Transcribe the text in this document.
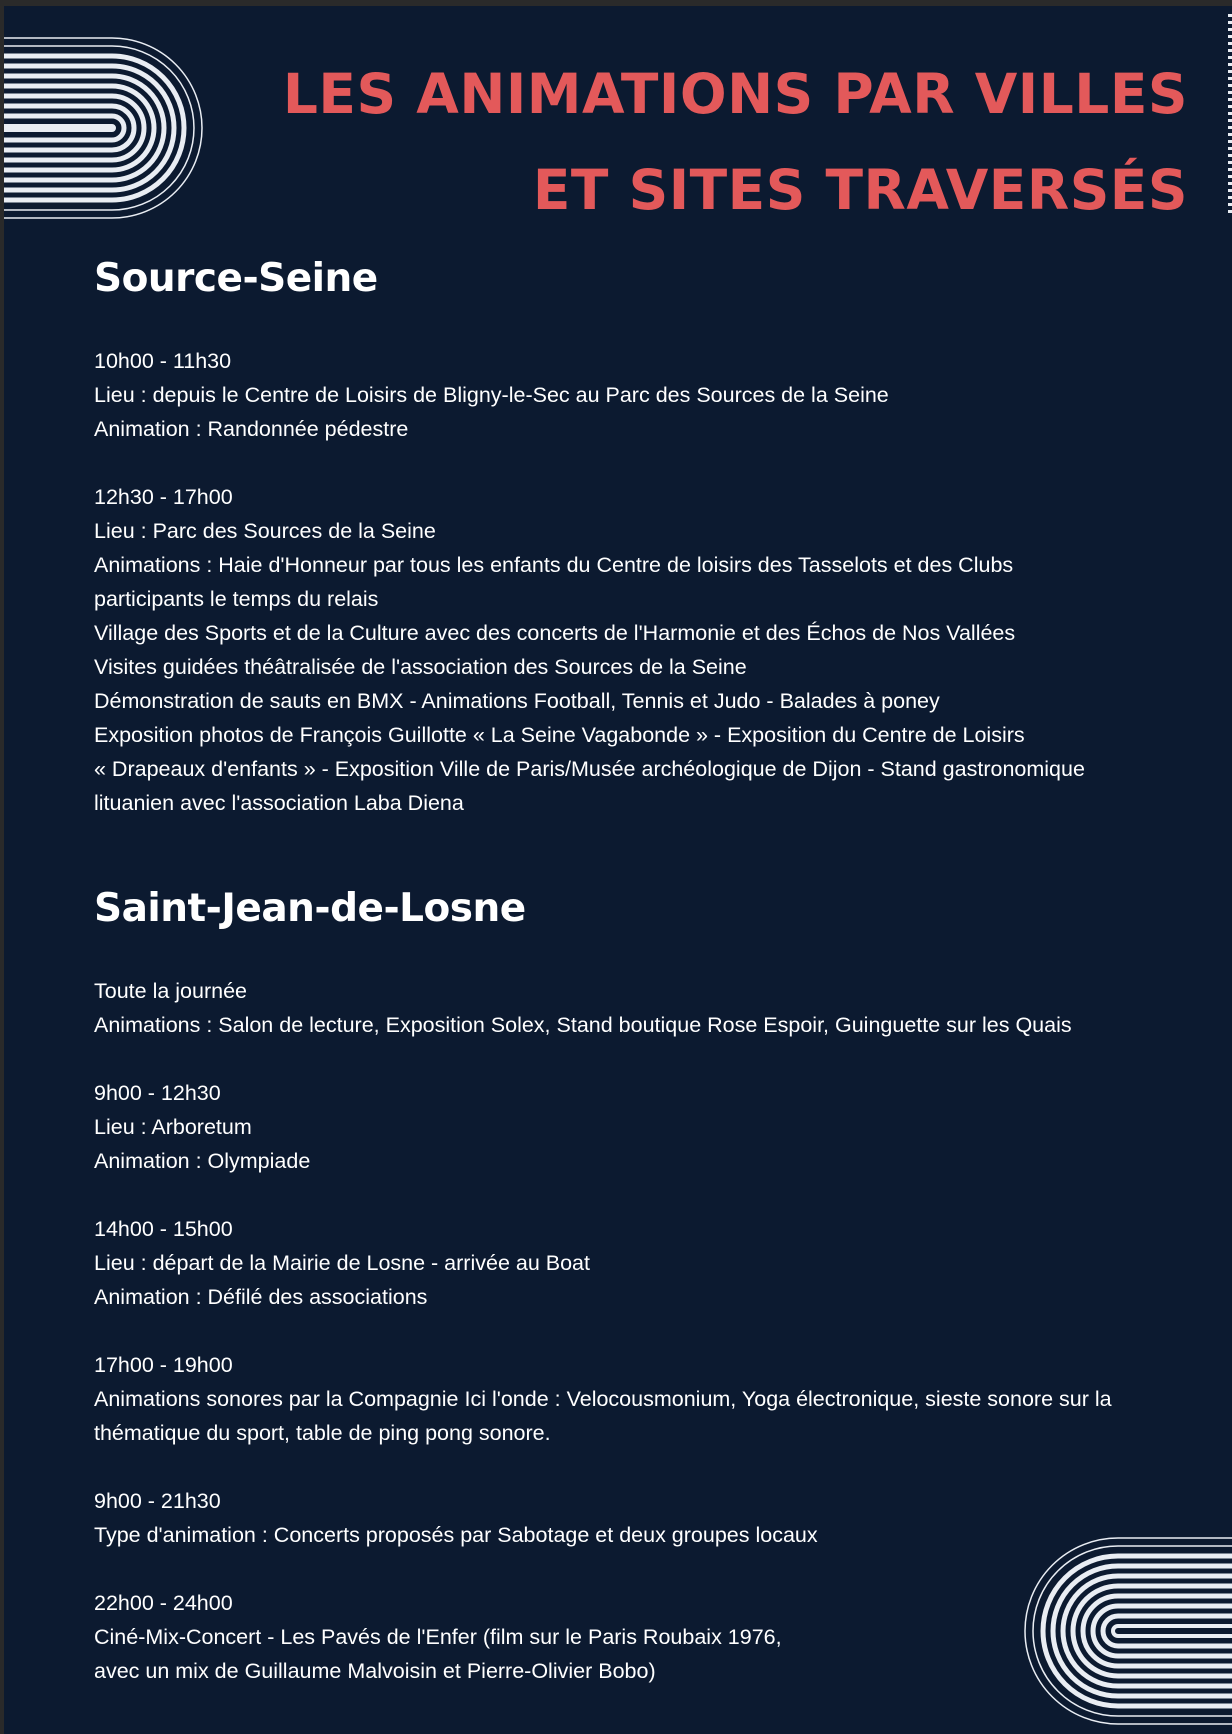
LES ANIMATIONS PAR VILLES
ET SITES TRAVERSÉS
Source-Seine
10h00 - 11h30
Lieu : depuis le Centre de Loisirs de Bligny-le-Sec au Parc des Sources de la Seine
Animation : Randonnée pédestre
12h30 - 17h00
Lieu : Parc des Sources de la Seine
Animations : Haie d'Honneur par tous les enfants du Centre de loisirs des Tasselots et des Clubs
participants le temps du relais
Village des Sports et de la Culture avec des concerts de l'Harmonie et des Échos de Nos Vallées
Visites guidées théâtralisée de l'association des Sources de la Seine
Démonstration de sauts en BMX - Animations Football, Tennis et Judo - Balades à poney
Exposition photos de François Guillotte « La Seine Vagabonde » - Exposition du Centre de Loisirs
« Drapeaux d'enfants » - Exposition Ville de Paris/Musée archéologique de Dijon - Stand gastronomique
lituanien avec l'association Laba Diena
Saint-Jean-de-Losne
Toute la journée
Animations : Salon de lecture, Exposition Solex, Stand boutique Rose Espoir, Guinguette sur les Quais
9h00 - 12h30
Lieu : Arboretum
Animation : Olympiade
14h00 - 15h00
Lieu : départ de la Mairie de Losne - arrivée au Boat
Animation : Défilé des associations
17h00 - 19h00
Animations sonores par la Compagnie Ici l'onde : Velocousmonium, Yoga électronique, sieste sonore sur la
thématique du sport, table de ping pong sonore.
9h00 - 21h30
Type d'animation : Concerts proposés par Sabotage et deux groupes locaux
22h00 - 24h00
Ciné-Mix-Concert - Les Pavés de l'Enfer (film sur le Paris Roubaix 1976,
avec un mix de Guillaume Malvoisin et Pierre-Olivier Bobo)
